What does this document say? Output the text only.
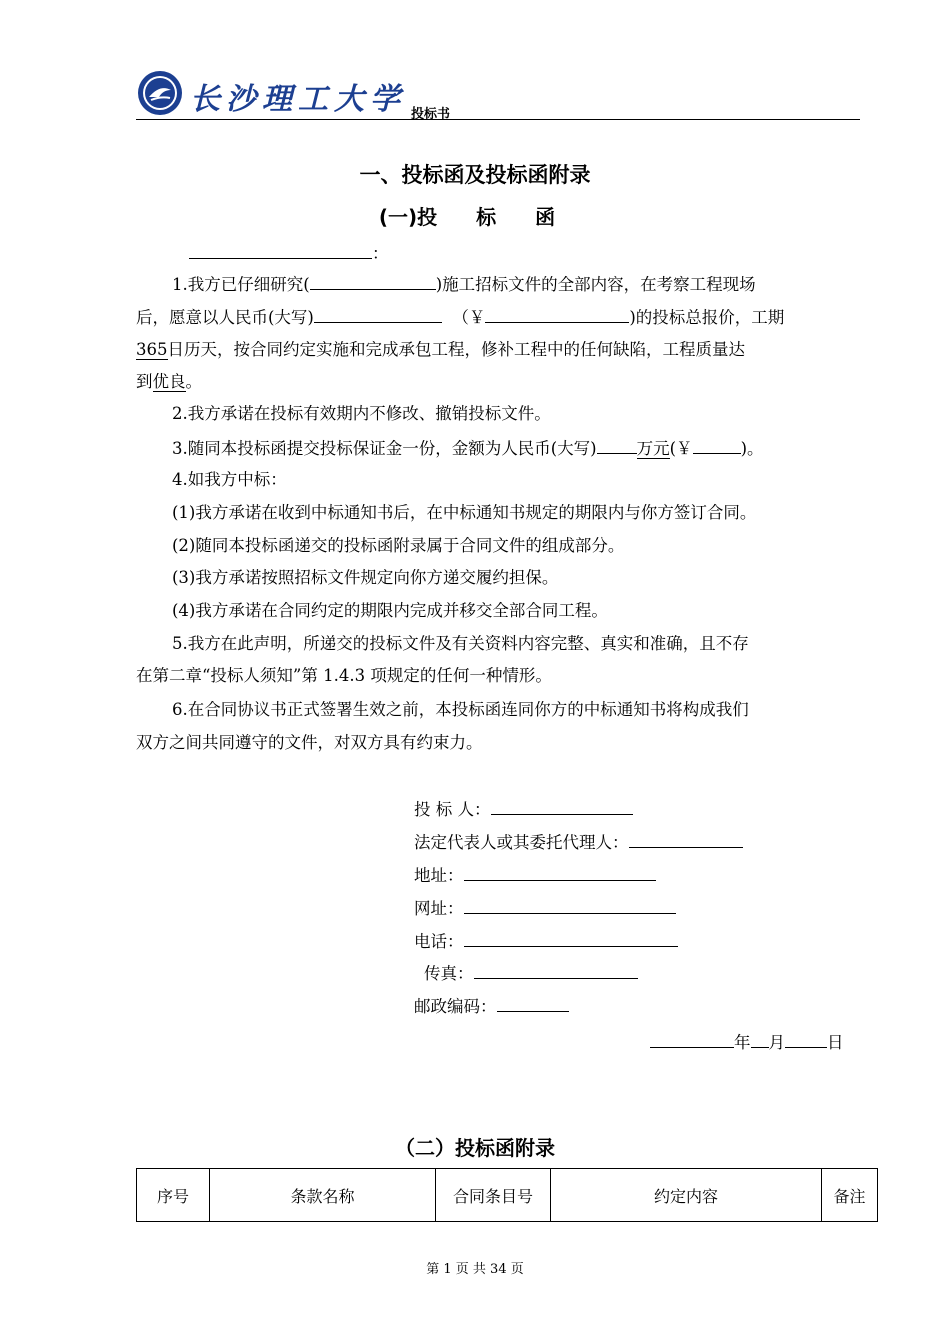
长沙理工大学 投标书
一、投标函及投标函附录
(一)投 标 函
：
1.我方已仔细研究(	)施工招标文件的全部内容，在考察工程现场
后，愿意以人民币(大写)	（￥	)的投标总报价，工期
365日历天，按合同约定实施和完成承包工程，修补工程中的任何缺陷，工程质量达
到优良。
2.我方承诺在投标有效期内不修改、撤销投标文件。
3.随同本投标函提交投标保证金一份，金额为人民币(大写) 万元(￥	)。
4.如我方中标：
(1)我方承诺在收到中标通知书后，在中标通知书规定的期限内与你方签订合同。
(2)随同本投标函递交的投标函附录属于合同文件的组成部分。
(3)我方承诺按照招标文件规定向你方递交履约担保。
(4)我方承诺在合同约定的期限内完成并移交全部合同工程。
5.我方在此声明，所递交的投标文件及有关资料内容完整、真实和准确，且不存
在第二章“投标人须知”第 1.4.3 项规定的任何一种情形。
6.在合同协议书正式签署生效之前，本投标函连同你方的中标通知书将构成我们
双方之间共同遵守的文件，对双方具有约束力。
投 标 人：
法定代表人或其委托代理人：
地址：
网址：
电话：
传真：
邮政编码：
年 月	日
（二）投标函附录
序号	条款名称	合同条目号	约定内容	备注
第 1 页 共 34 页
